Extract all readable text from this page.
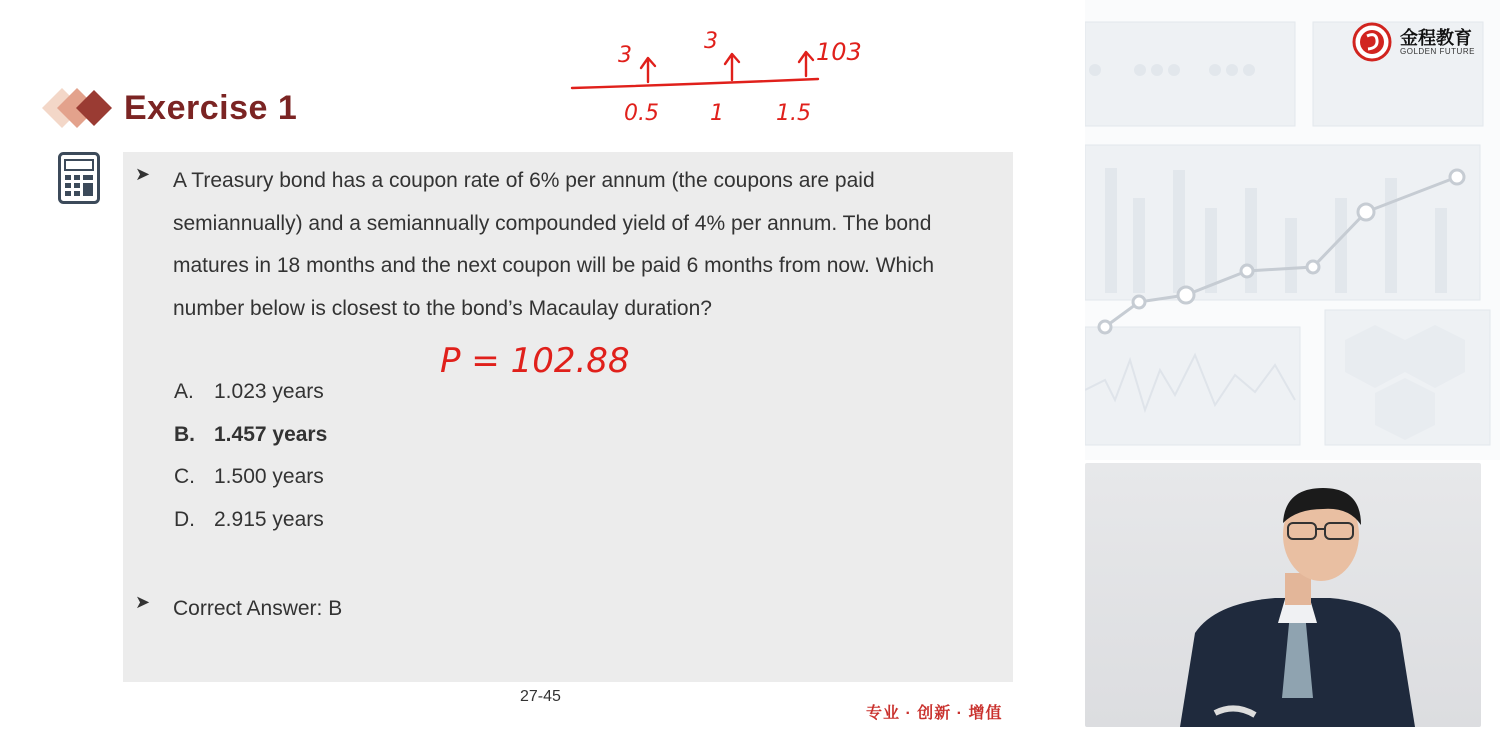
Exercise 1
➤	A Treasury bond has a coupon rate of 6% per annum (the coupons are paid semiannually) and a semiannually compounded yield of 4% per annum. The bond matures in 18 months and the next coupon will be paid 6 months from now. Which number below is closest to the bond’s Macaulay duration?
A. 1.023 years
B. 1.457 years
C. 1.500 years
D. 2.915 years
➤	Correct Answer: B
27-45
专业 · 创新 · 增值
3
3	103
0.5 1 1.5
P = 102.88
金程教育
GOLDEN FUTURE
